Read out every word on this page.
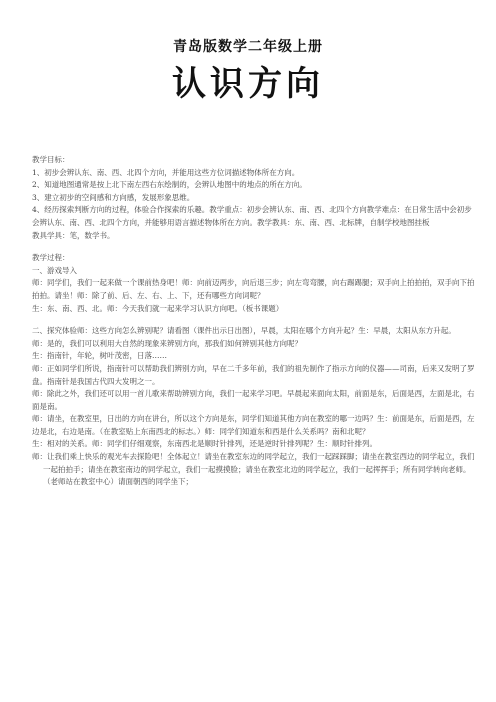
青岛版数学二年级上册
认识方向

教学目标：

1、初步会辨认东、南、西、北四个方向，并能用这些方位词描述物体所在方向。

2、知道地图通常是按上北下南左西右东绘制的，会辨认地图中的地点的所在方向。

3、建立初步的空间感和方向感，发展形象思维。

4、经历探索判断方向的过程，体验合作探索的乐趣。教学重点：初步会辨认东、南、西、北四个方向教学难点：在日常生活中会初步会辨认东、南、西、北四个方向，并能够用语言描述物体所在方向。教学教具：东、南、西、北标牌，自制学校地图挂板

教具学具：笔，数学书。

教学过程：

一、游戏导入

师：同学们，我们一起来做一个课前热身吧！师：向前迈两步，向后退三步；向左弯弯腰，向右踢踢腿；双手向上拍拍拍，双手向下拍拍拍。请坐！师：除了前、后、左、右、上、下，还有哪些方向词呢？

生：东、南、西、北。师：今天我们就一起来学习认识方向吧。（板书课题）

二、探究体验师：这些方向怎么辨别呢？请看图（课件出示日出图），早晨，太阳在哪个方向升起？生：早晨，太阳从东方升起。

师：是的，我们可以利用大自然的现象来辨别方向，那我们如何辨别其他方向呢？

生：指南针，年轮，树叶茂密，日落……

师：正如同学们所说，指南针可以帮助我们辨别方向，早在二千多年前，我们的祖先制作了指示方向的仪器——司南，后来又发明了罗盘。指南针是我国古代四大发明之一。

师：除此之外，我们还可以用一首儿歌来帮助辨别方向，我们一起来学习吧。早晨起来面向太阳，前面是东，后面是西，左面是北，右面是南。

师：请坐，在教室里，日出的方向在讲台，所以这个方向是东，同学们知道其他方向在教室的哪一边吗？生：前面是东，后面是西，左边是北，右边是南。（在教室贴上东南西北的标志。）师：同学们知道东和西是什么关系吗？南和北呢？

生：相对的关系。师：同学们仔细观察，东南西北是顺时针排列，还是逆时针排列呢？生：顺时针排列。

师：让我们乘上快乐的观光车去探险吧！全体起立！请坐在教室东边的同学起立，我们一起踩踩脚；请坐在教室西边的同学起立，我们一起拍拍手；请坐在教室南边的同学起立，我们一起摸摸脸；请坐在教室北边的同学起立，我们一起挥挥手；所有同学转向老师。（老师站在教室中心）请面朝西的同学坐下；
